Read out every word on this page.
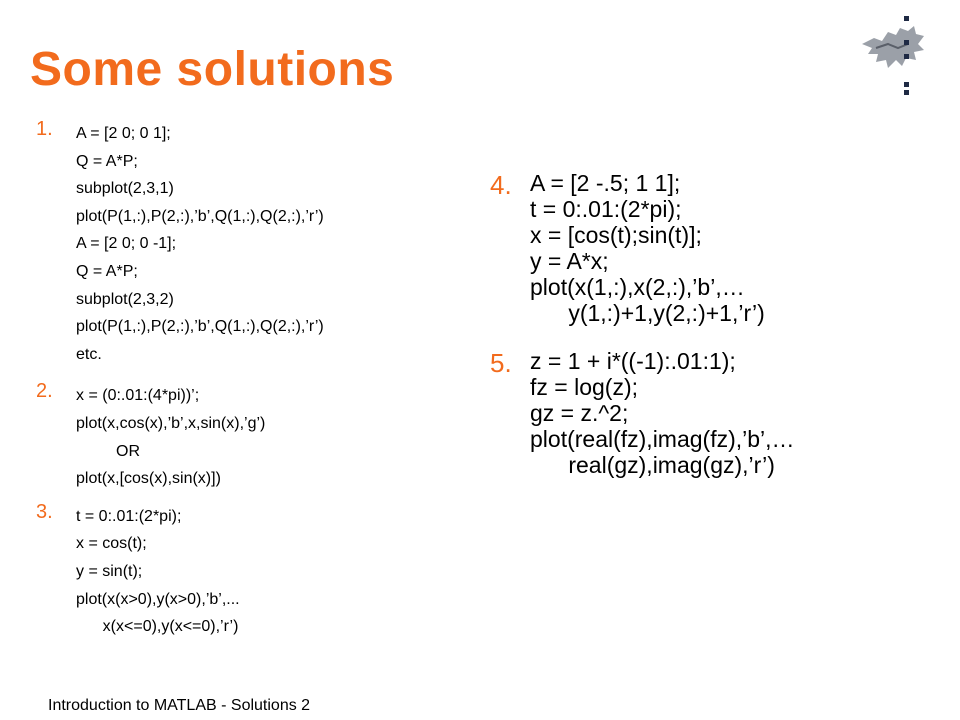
Some solutions
1. A = [2 0; 0 1];
Q = A*P;
subplot(2,3,1)
plot(P(1,:),P(2,:),’b’,Q(1,:),Q(2,:),’r’)
A = [2 0; 0 -1];
Q = A*P;
subplot(2,3,2)
plot(P(1,:),P(2,:),’b’,Q(1,:),Q(2,:),’r’)
etc.
2. x = (0:.01:(4*pi))’;
plot(x,cos(x),’b’,x,sin(x),’g’)
OR
plot(x,[cos(x),sin(x)])
3. t = 0:.01:(2*pi);
x = cos(t);
y = sin(t);
plot(x(x>0),y(x>0),’b’,...
x(x<=0),y(x<=0),’r’)
4. A = [2 -.5; 1 1];
t = 0:.01:(2*pi);
x = [cos(t);sin(t)];
y = A*x;
plot(x(1,:),x(2,:),’b’,…
y(1,:)+1,y(2,:)+1,’r’)
5. z = 1 + i*((-1):.01:1);
fz = log(z);
gz = z.^2;
plot(real(fz),imag(fz),’b’,…
real(gz),imag(gz),’r’)
Introduction to MATLAB - Solutions 2
